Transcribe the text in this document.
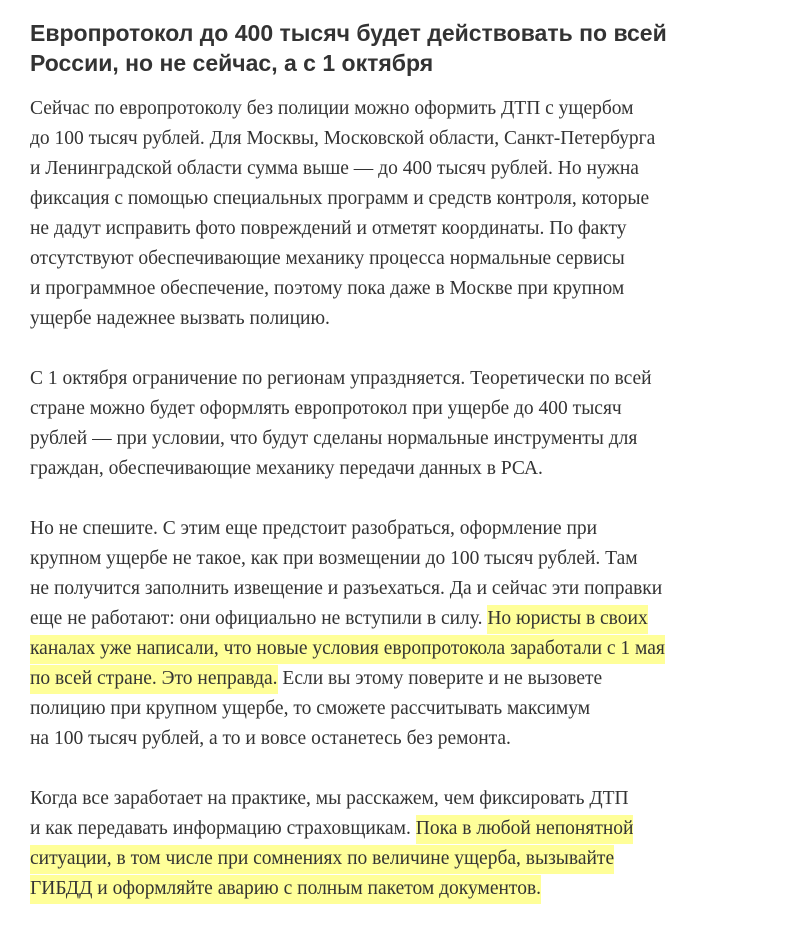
Европротокол до 400 тысяч будет действовать по всей
России, но не сейчас, а с 1 октября

Сейчас по европротоколу без полиции можно оформить ДТП с ущербом
до 100 тысяч рублей. Для Москвы, Московской области, Санкт-Петербурга
и Ленинградской области сумма выше — до 400 тысяч рублей. Но нужна
фиксация с помощью специальных программ и средств контроля, которые
не дадут исправить фото повреждений и отметят координаты. По факту
отсутствуют обеспечивающие механику процесса нормальные сервисы
и программное обеспечение, поэтому пока даже в Москве при крупном
ущербе надежнее вызвать полицию.

С 1 октября ограничение по регионам упраздняется. Теоретически по всей
стране можно будет оформлять европротокол при ущербе до 400 тысяч
рублей — при условии, что будут сделаны нормальные инструменты для
граждан, обеспечивающие механику передачи данных в РСА.

Но не спешите. С этим еще предстоит разобраться, оформление при
крупном ущербе не такое, как при возмещении до 100 тысяч рублей. Там
не получится заполнить извещение и разъехаться. Да и сейчас эти поправки
еще не работают: они официально не вступили в силу. Но юристы в своих
каналах уже написали, что новые условия европротокола заработали с 1 мая
по всей стране. Это неправда. Если вы этому поверите и не вызовете
полицию при крупном ущербе, то сможете рассчитывать максимум
на 100 тысяч рублей, а то и вовсе останетесь без ремонта.

Когда все заработает на практике, мы расскажем, чем фиксировать ДТП
и как передавать информацию страховщикам. Пока в любой непонятной
ситуации, в том числе при сомнениях по величине ущерба, вызывайте
ГИБДД и оформляйте аварию с полным пакетом документов.
